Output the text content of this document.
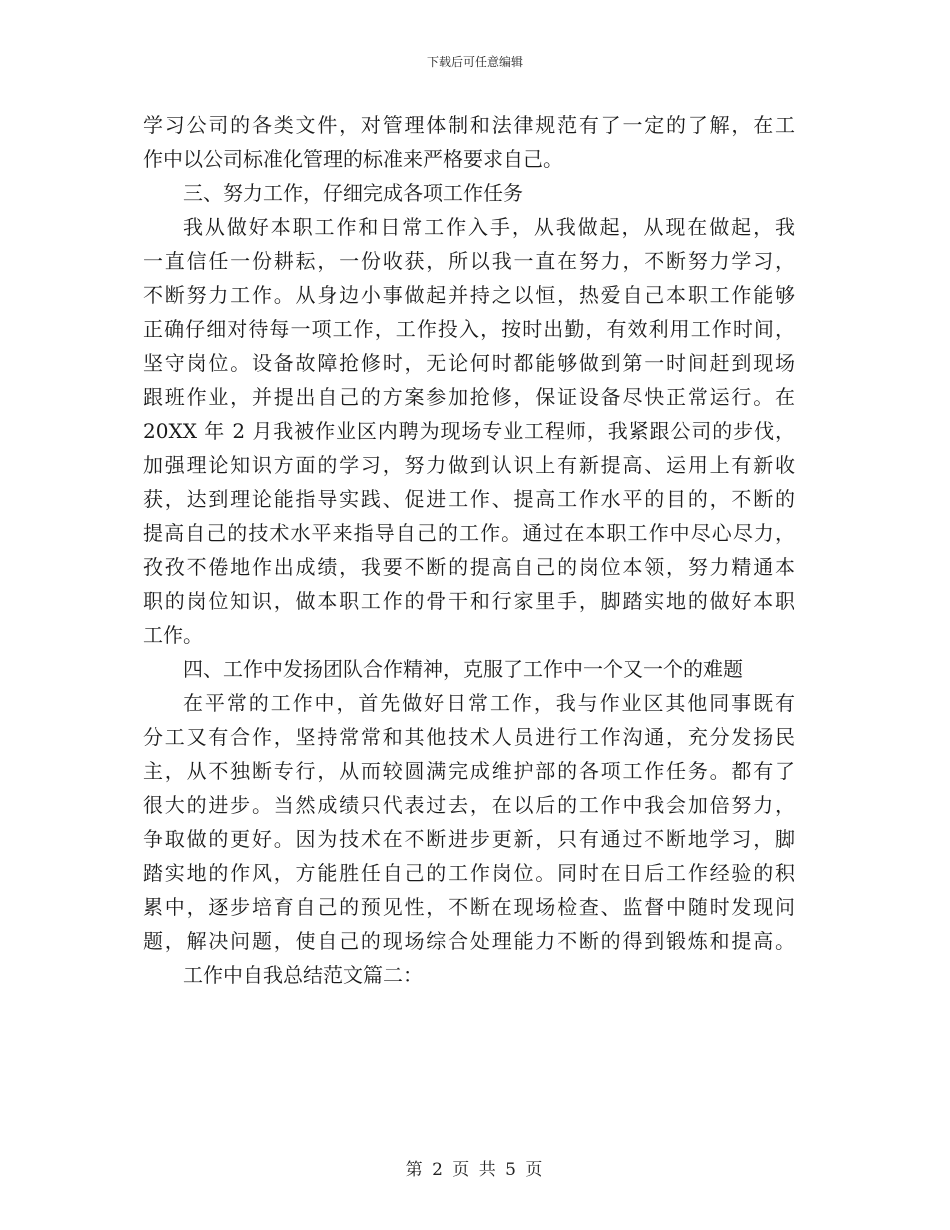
下载后可任意编辑
学习公司的各类文件，对管理体制和法律规范有了一定的了解，在工
作中以公司标准化管理的标准来严格要求自己。
三、努力工作，仔细完成各项工作任务
我从做好本职工作和日常工作入手，从我做起，从现在做起，我
一直信任一份耕耘，一份收获，所以我一直在努力，不断努力学习，
不断努力工作。从身边小事做起并持之以恒，热爱自己本职工作能够
正确仔细对待每一项工作，工作投入，按时出勤，有效利用工作时间，
坚守岗位。设备故障抢修时，无论何时都能够做到第一时间赶到现场
跟班作业，并提出自己的方案参加抢修，保证设备尽快正常运行。在
20XX 年 2 月我被作业区内聘为现场专业工程师，我紧跟公司的步伐，
加强理论知识方面的学习，努力做到认识上有新提高、运用上有新收
获，达到理论能指导实践、促进工作、提高工作水平的目的，不断的
提高自己的技术水平来指导自己的工作。通过在本职工作中尽心尽力，
孜孜不倦地作出成绩，我要不断的提高自己的岗位本领，努力精通本
职的岗位知识，做本职工作的骨干和行家里手，脚踏实地的做好本职
工作。
四、工作中发扬团队合作精神，克服了工作中一个又一个的难题
在平常的工作中，首先做好日常工作，我与作业区其他同事既有
分工又有合作，坚持常常和其他技术人员进行工作沟通，充分发扬民
主，从不独断专行，从而较圆满完成维护部的各项工作任务。都有了
很大的进步。当然成绩只代表过去，在以后的工作中我会加倍努力，
争取做的更好。因为技术在不断进步更新，只有通过不断地学习，脚
踏实地的作风，方能胜任自己的工作岗位。同时在日后工作经验的积
累中，逐步培育自己的预见性，不断在现场检查、监督中随时发现问
题，解决问题，使自己的现场综合处理能力不断的得到锻炼和提高。
工作中自我总结范文篇二：
第 2 页 共 5 页
